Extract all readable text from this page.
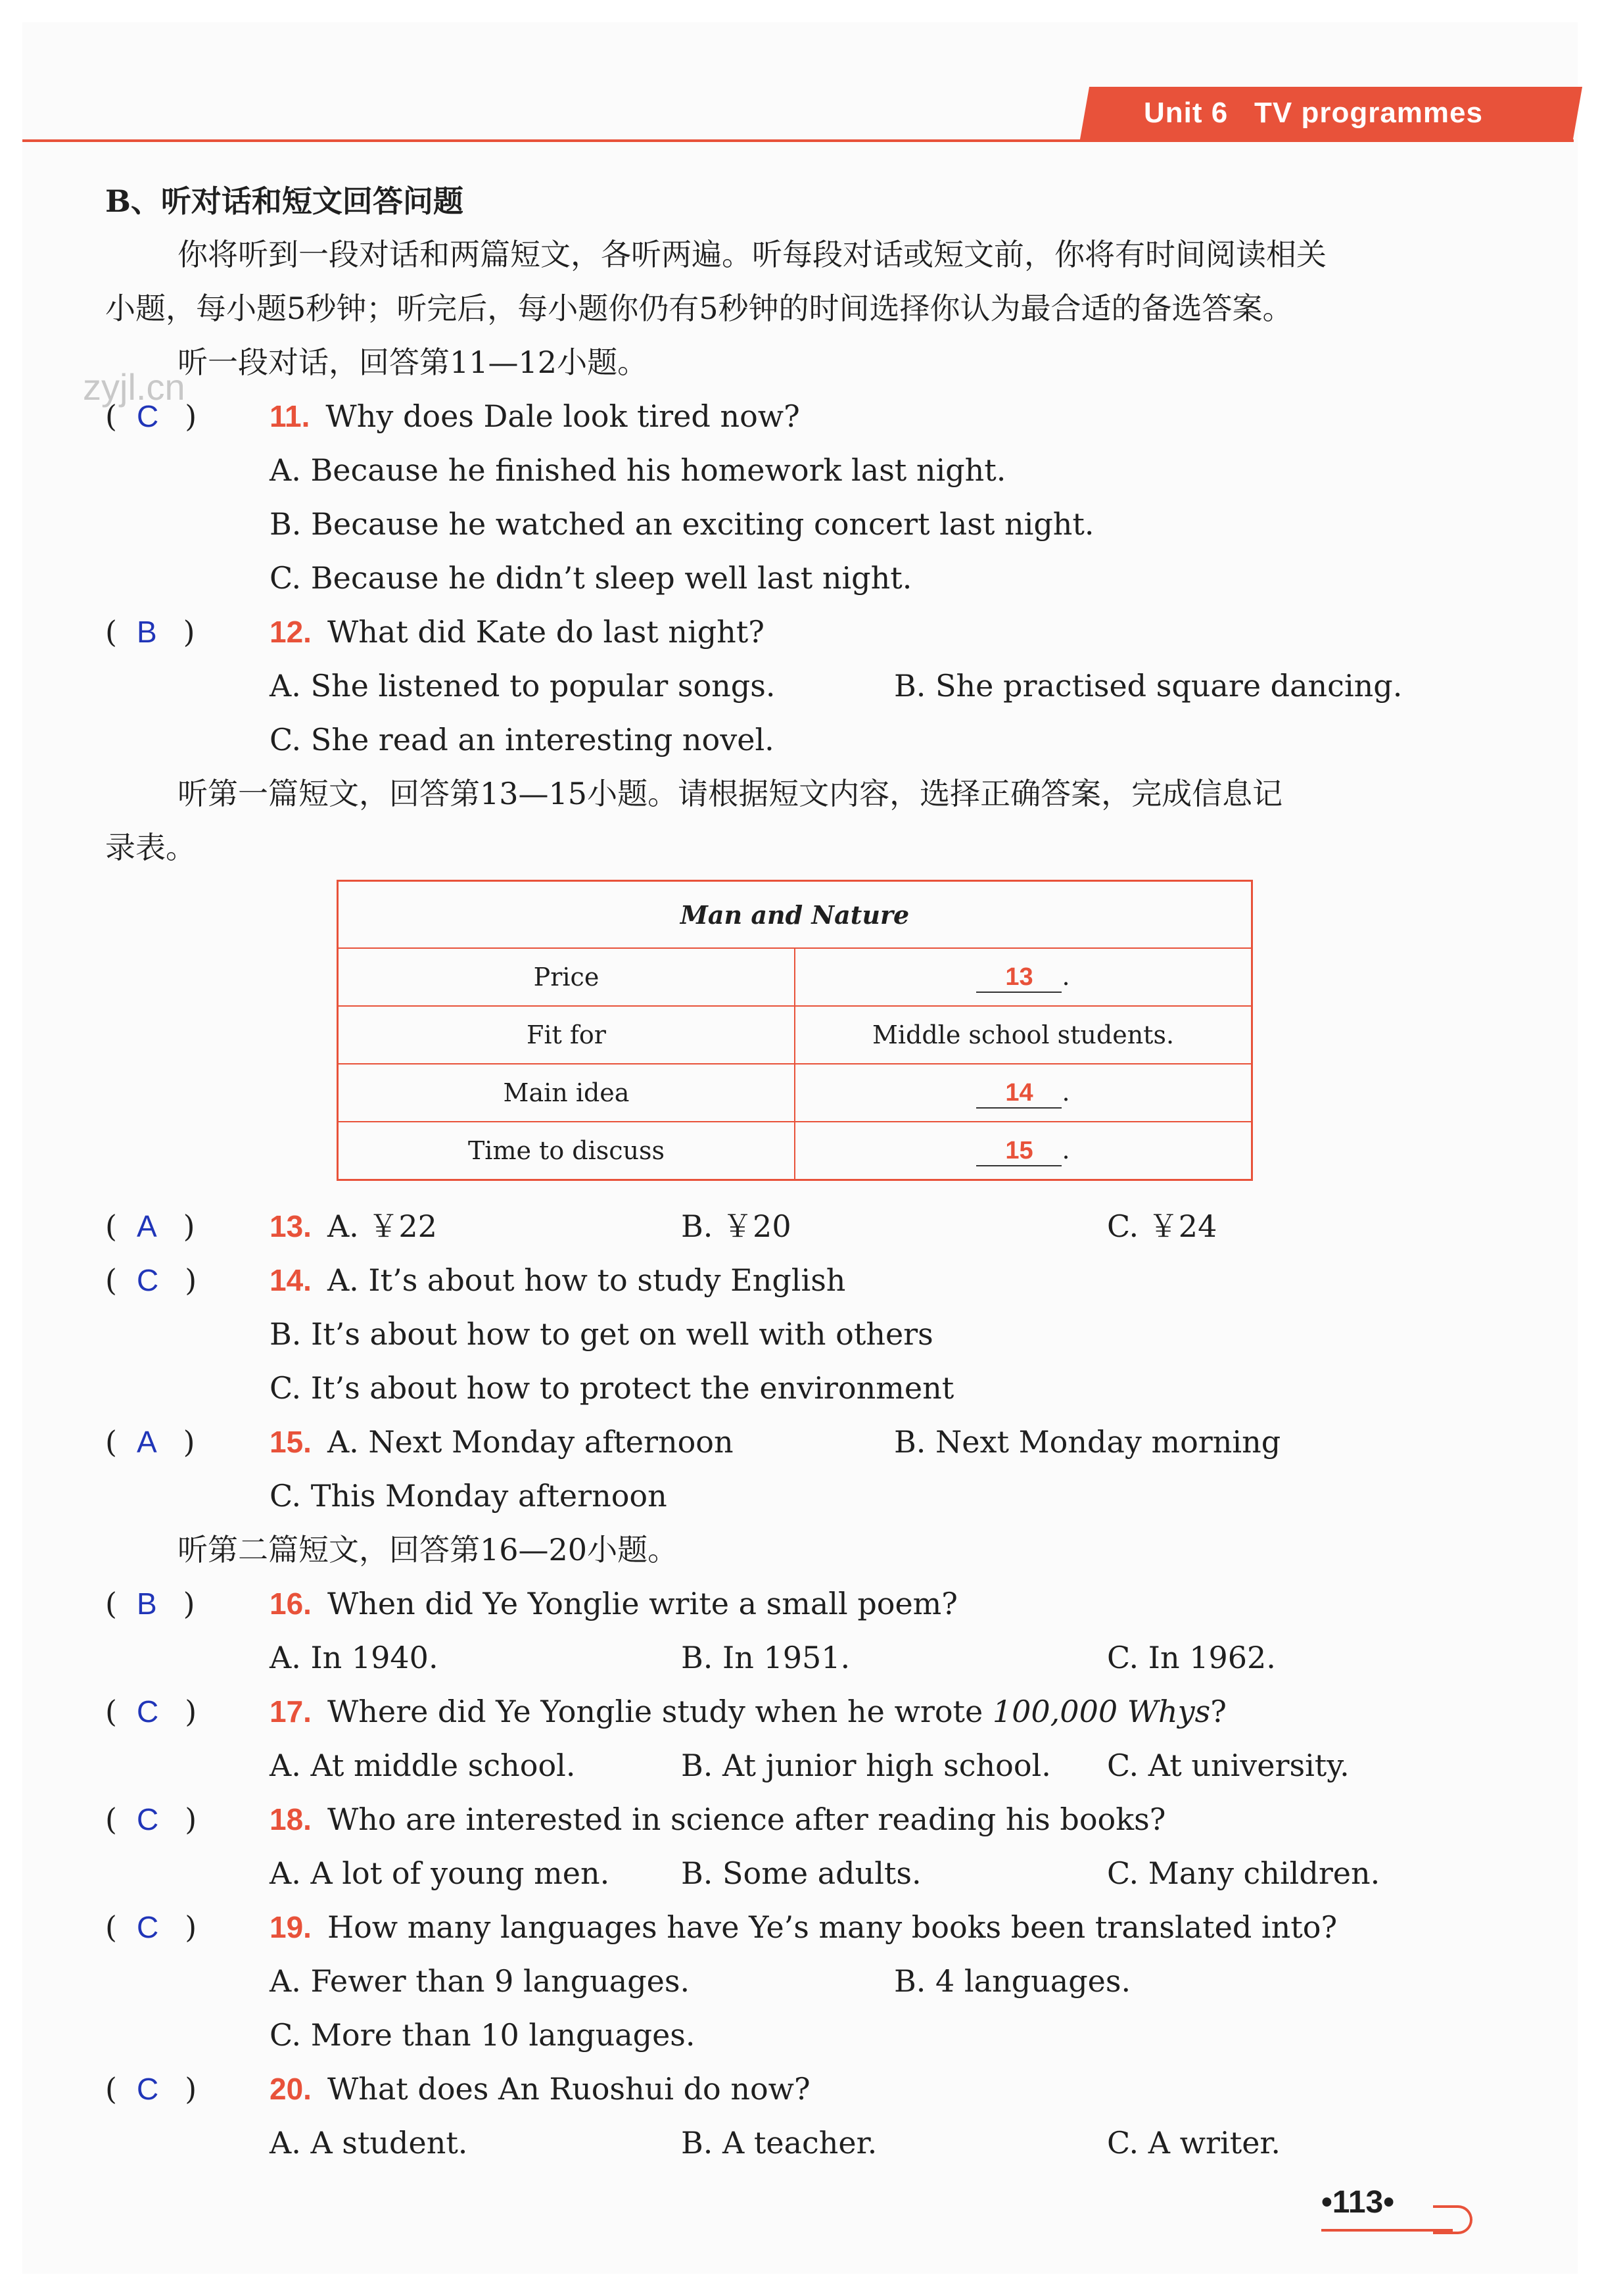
Unit 6 TV programmes
B、听对话和短文回答问题
你将听到一段对话和两篇短文，各听两遍。听每段对话或短文前，你将有时间阅读相关
小题，每小题5秒钟；听完后，每小题你仍有5秒钟的时间选择你认为最合适的备选答案。
听一段对话，回答第11—12小题。
zyjl.cn
( C ) 11. Why does Dale look tired now?
A. Because he finished his homework last night.
B. Because he watched an exciting concert last night.
C. Because he didn’t sleep well last night.
( B ) 12. What did Kate do last night?
A. She listened to popular songs.	B. She practised square dancing.
C. She read an interesting novel.
听第一篇短文，回答第13—15小题。请根据短文内容，选择正确答案，完成信息记
录表。
Man and Nature	
Price	13 .
Fit for	Middle school students.
Main idea	14 .
Time to discuss	15 .
( A ) 13. A. ￥22	B. ￥20	C. ￥24
( C ) 14. A. It’s about how to study English
B. It’s about how to get on well with others
C. It’s about how to protect the environment
( A ) 15. A. Next Monday afternoon	B. Next Monday morning
C. This Monday afternoon
听第二篇短文，回答第16—20小题。
( B ) 16. When did Ye Yonglie write a small poem?
A. In 1940.	B. In 1951.	C. In 1962.
( C ) 17. Where did Ye Yonglie study when he wrote 100,000 Whys?
A. At middle school.	B. At junior high school. C. At university.
( C ) 18. Who are interested in science after reading his books?
A. A lot of young men. B. Some adults.	C. Many children.
( C ) 19. How many languages have Ye’s many books been translated into?
A. Fewer than 9 languages.	B. 4 languages.
C. More than 10 languages.
( C ) 20. What does An Ruoshui do now?
A. A student.	B. A teacher.	C. A writer.
•113•
